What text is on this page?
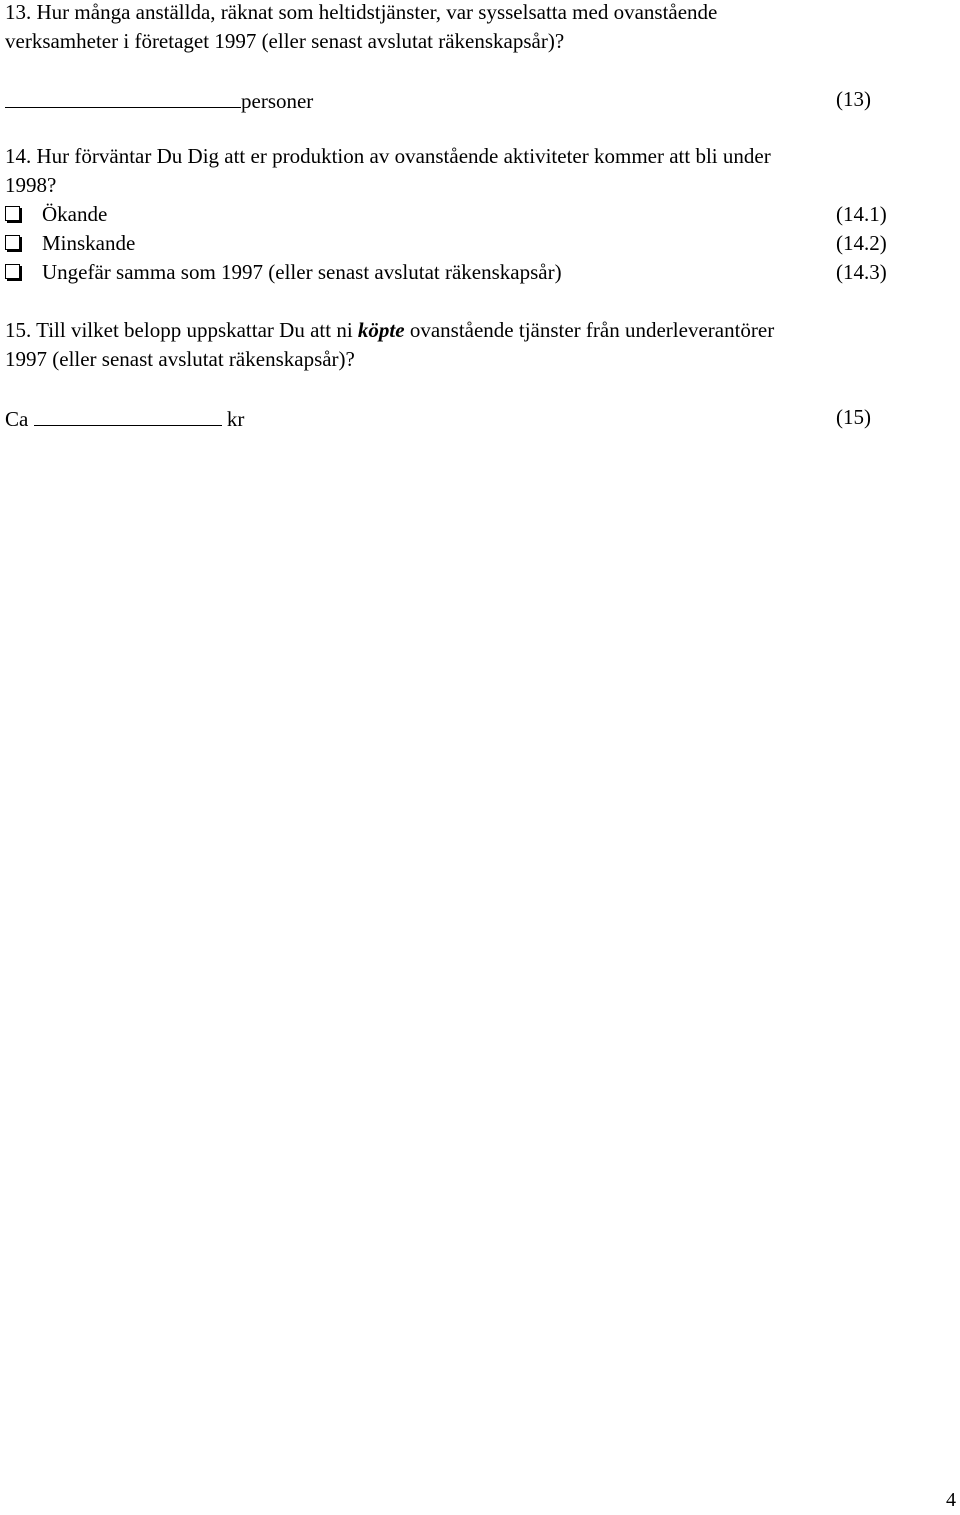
13. Hur många anställda, räknat som heltidstjänster, var sysselsatta med ovanstående
verksamheter i företaget 1997 (eller senast avslutat räkenskapsår)?
personer	(13)
14. Hur förväntar Du Dig att er produktion av ovanstående aktiviteter kommer att bli under
1998?
Ökande	(14.1)
Minskande	(14.2)
Ungefär samma som 1997 (eller senast avslutat räkenskapsår)	(14.3)
15. Till vilket belopp uppskattar Du att ni köpte ovanstående tjänster från underleverantörer
1997 (eller senast avslutat räkenskapsår)?
Ca	kr	(15)
4
